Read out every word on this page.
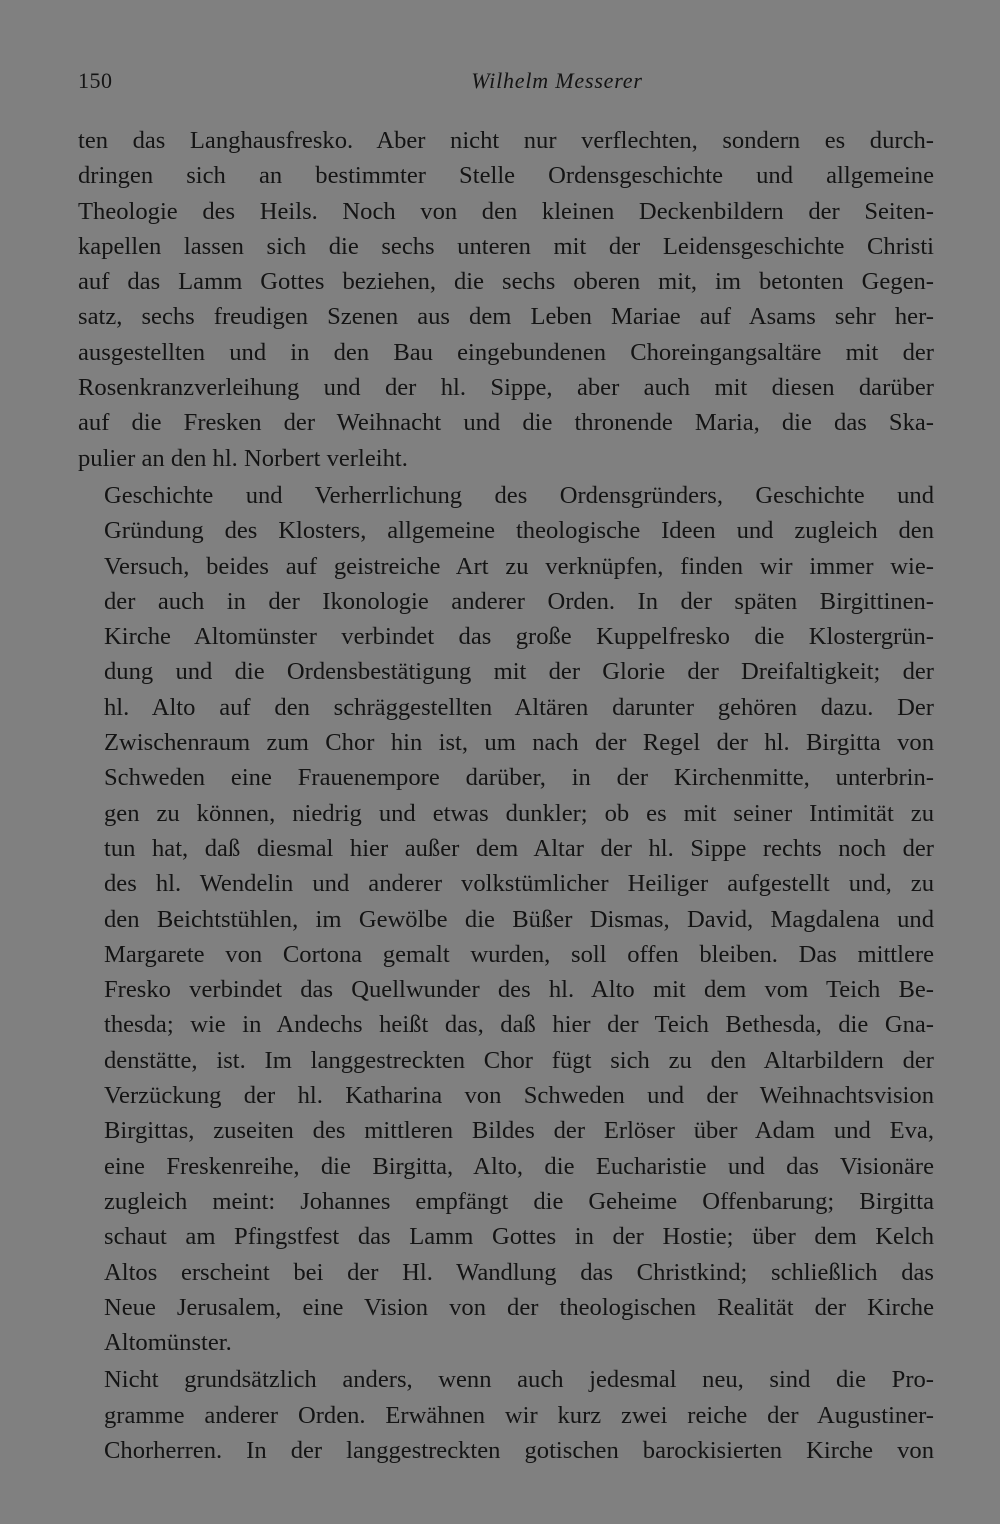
150	Wilhelm Messerer
ten das Langhausfresko. Aber nicht nur verflechten, sondern es durch-
dringen sich an bestimmter Stelle Ordensgeschichte und allgemeine
Theologie des Heils. Noch von den kleinen Deckenbildern der Seiten-
kapellen lassen sich die sechs unteren mit der Leidensgeschichte Christi
auf das Lamm Gottes beziehen, die sechs oberen mit, im betonten Gegen-
satz, sechs freudigen Szenen aus dem Leben Mariae auf Asams sehr her-
ausgestellten und in den Bau eingebundenen Choreingangsaltäre mit der
Rosenkranzverleihung und der hl. Sippe, aber auch mit diesen darüber
auf die Fresken der Weihnacht und die thronende Maria, die das Ska-
pulier an den hl. Norbert verleiht.
Geschichte und Verherrlichung des Ordensgründers, Geschichte und
Gründung des Klosters, allgemeine theologische Ideen und zugleich den
Versuch, beides auf geistreiche Art zu verknüpfen, finden wir immer wie-
der auch in der Ikonologie anderer Orden. In der späten Birgittinen-
Kirche Altomünster verbindet das große Kuppelfresko die Klostergrün-
dung und die Ordensbestätigung mit der Glorie der Dreifaltigkeit; der
hl. Alto auf den schräggestellten Altären darunter gehören dazu. Der
Zwischenraum zum Chor hin ist, um nach der Regel der hl. Birgitta von
Schweden eine Frauenempore darüber, in der Kirchenmitte, unterbrin-
gen zu können, niedrig und etwas dunkler; ob es mit seiner Intimität zu
tun hat, daß diesmal hier außer dem Altar der hl. Sippe rechts noch der
des hl. Wendelin und anderer volkstümlicher Heiliger aufgestellt und, zu
den Beichtstühlen, im Gewölbe die Büßer Dismas, David, Magdalena und
Margarete von Cortona gemalt wurden, soll offen bleiben. Das mittlere
Fresko verbindet das Quellwunder des hl. Alto mit dem vom Teich Be-
thesda; wie in Andechs heißt das, daß hier der Teich Bethesda, die Gna-
denstätte, ist. Im langgestreckten Chor fügt sich zu den Altarbildern der
Verzückung der hl. Katharina von Schweden und der Weihnachtsvision
Birgittas, zuseiten des mittleren Bildes der Erlöser über Adam und Eva,
eine Freskenreihe, die Birgitta, Alto, die Eucharistie und das Visionäre
zugleich meint: Johannes empfängt die Geheime Offenbarung; Birgitta
schaut am Pfingstfest das Lamm Gottes in der Hostie; über dem Kelch
Altos erscheint bei der Hl. Wandlung das Christkind; schließlich das
Neue Jerusalem, eine Vision von der theologischen Realität der Kirche
Altomünster.
Nicht grundsätzlich anders, wenn auch jedesmal neu, sind die Pro-
gramme anderer Orden. Erwähnen wir kurz zwei reiche der Augustiner-
Chorherren. In der langgestreckten gotischen barockisierten Kirche von
